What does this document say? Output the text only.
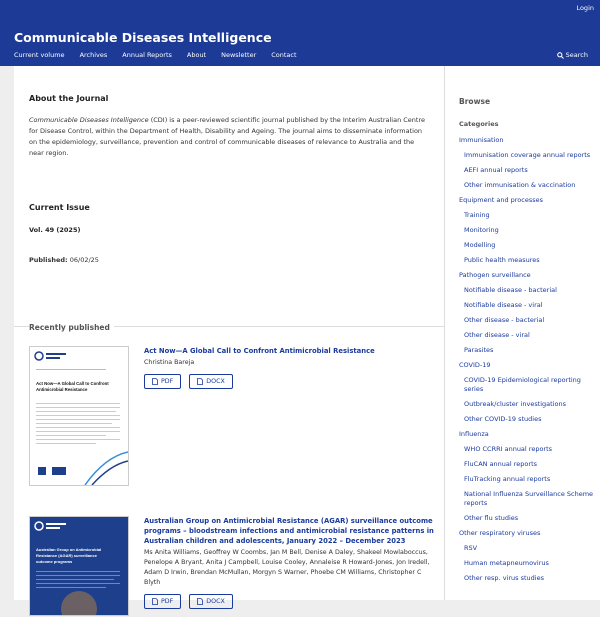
Login
Communicable Diseases Intelligence
Current volume Archives Annual Reports About Newsletter Contact	Search
About the Journal

Communicable Diseases Intelligence (CDI) is a peer-reviewed scientific journal published by the Interim Australian Centre for Disease Control, within the Department of Health, Disability and Ageing. The journal aims to disseminate information on the epidemiology, surveillance, prevention and control of communicable diseases of relevance to Australia and the near region.

Current Issue
Vol. 49 (2025)
Published: 06/02/25
Recently published
Act Now—A Global Call to Confront
Antimicrobial Resistance
Act Now—A Global Call to Confront Antimicrobial Resistance
Christina Bareja
PDF	DOCX
Australian Group on Antimicrobial
Resistance (AGAR) surveillance
outcome programs
Australian Group on Antimicrobial Resistance (AGAR) surveillance outcome programs – bloodstream infections and antimicrobial resistance patterns in Australian children and adolescents, January 2022 – December 2023
Ms Anita Williams, Geoffrey W Coombs, Jan M Bell, Denise A Daley, Shakeel Mowlaboccus, Penelope A Bryant, Anita J Campbell, Louise Cooley, Annaleise R Howard-Jones, Jon Iredell, Adam D Irwin, Brendan McMullan, Morgyn S Warner, Phoebe CM Williams, Christopher C Blyth
PDF	DOCX
Browse
Categories
Immunisation
Immunisation coverage annual reports
AEFI annual reports
Other immunisation & vaccination
Equipment and processes
Training
Monitoring
Modelling
Public health measures
Pathogen surveillance
Notifiable disease - bacterial
Notifiable disease - viral
Other disease - bacterial
Other disease - viral
Parasites
COVID-19
COVID-19 Epidemiological reporting series
Outbreak/cluster investigations
Other COVID-19 studies
Influenza
WHO CCRRI annual reports
FluCAN annual reports
FluTracking annual reports
National Influenza Surveillance Scheme reports
Other flu studies
Other respiratory viruses
RSV
Human metapneumovirus
Other resp. virus studies
